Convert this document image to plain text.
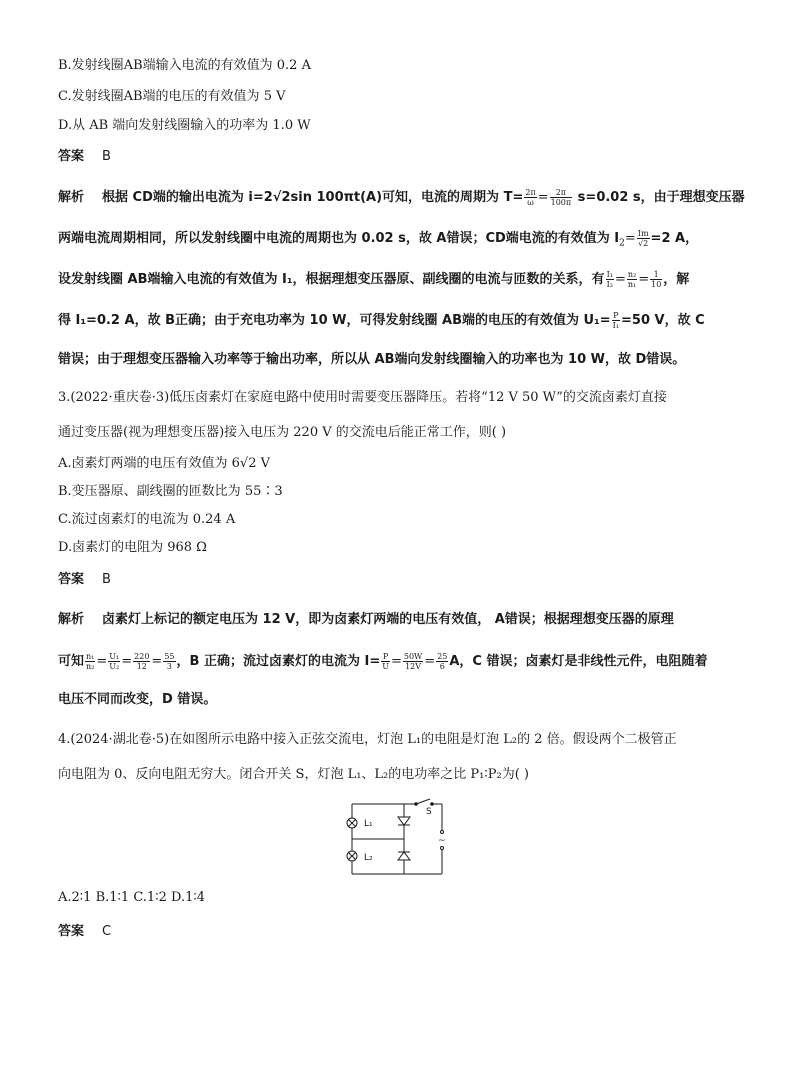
B.发射线圈AB端输入电流的有效值为 0.2 A
C.发射线圈AB端的电压的有效值为 5 V
D.从 AB 端向发射线圈输入的功率为 1.0 W
答案 B
解析 根据 CD端的输出电流为 i=2√2sin 100πt(A)可知，电流的周期为 $T= \frac{2\pi}{\omega} = \frac{2\pi}{100\pi} s=0.02$ s，由于理想变压器
两端电流周期相同，所以发射线圈中电流的周期也为 0.02 s，故 A错误；CD端电流的有效值为 $I_2= \frac{Im}{√2} =2$ A，
设发射线圈 AB端输入电流的有效值为 I₁，根据理想变压器原、副线圈的电流与匝数的关系，有 $\frac{\text{I₁}}{\text{I₂}} = \frac{\text{n₂}}{\text{n₁}} = \frac{1}{10}$ ，解
得 I₁=0.2 A，故 B正确；由于充电功率为 10 W，可得发射线圈 AB端的电压的有效值为 $U_1= \frac{P}{\text{I₁}} =50$ V，故 C
错误；由于理想变压器输入功率等于输出功率，所以从 AB端向发射线圈输入的功率也为 10 W，故 D错误。
3.(2022·重庆卷·3)低压卤素灯在家庭电路中使用时需要变压器降压。若将“12 V 50 W”的交流卤素灯直接
通过变压器(视为理想变压器)接入电压为 220 V 的交流电后能正常工作，则( )
A.卤素灯两端的电压有效值为 6√2 V
B.变压器原、副线圈的匝数比为 55∶3
C.流过卤素灯的电流为 0.24 A
D.卤素灯的电阻为 968 Ω
答案 B
解析 卤素灯上标记的额定电压为 12 V，即为卤素灯两端的电压有效值， A错误；根据理想变压器的原理
可知 $\frac{\text{n₁}}{\text{n₂}} = \frac{\text{U₁}}{\text{U₂}} = \frac{220}{12} = \frac{55}{3}$ ，B 正确；流过卤素灯的电流为 $I= \frac{P}{U} = \frac{50W}{12V} = \frac{25}{6}$ A，C 错误；卤素灯是非线性元件，电阻随着
电压不同而改变，D 错误。
4.(2024·湖北卷·5)在如图所示电路中接入正弦交流电，灯泡 L₁的电阻是灯泡 L₂的 2 倍。假设两个二极管正
向电阻为 0、反向电阻无穷大。闭合开关 S，灯泡 L₁、L₂的电功率之比 P₁∶P₂为( )
L₁
L₂
S
~
A.2∶1 B.1∶1 C.1∶2 D.1∶4
答案 C
